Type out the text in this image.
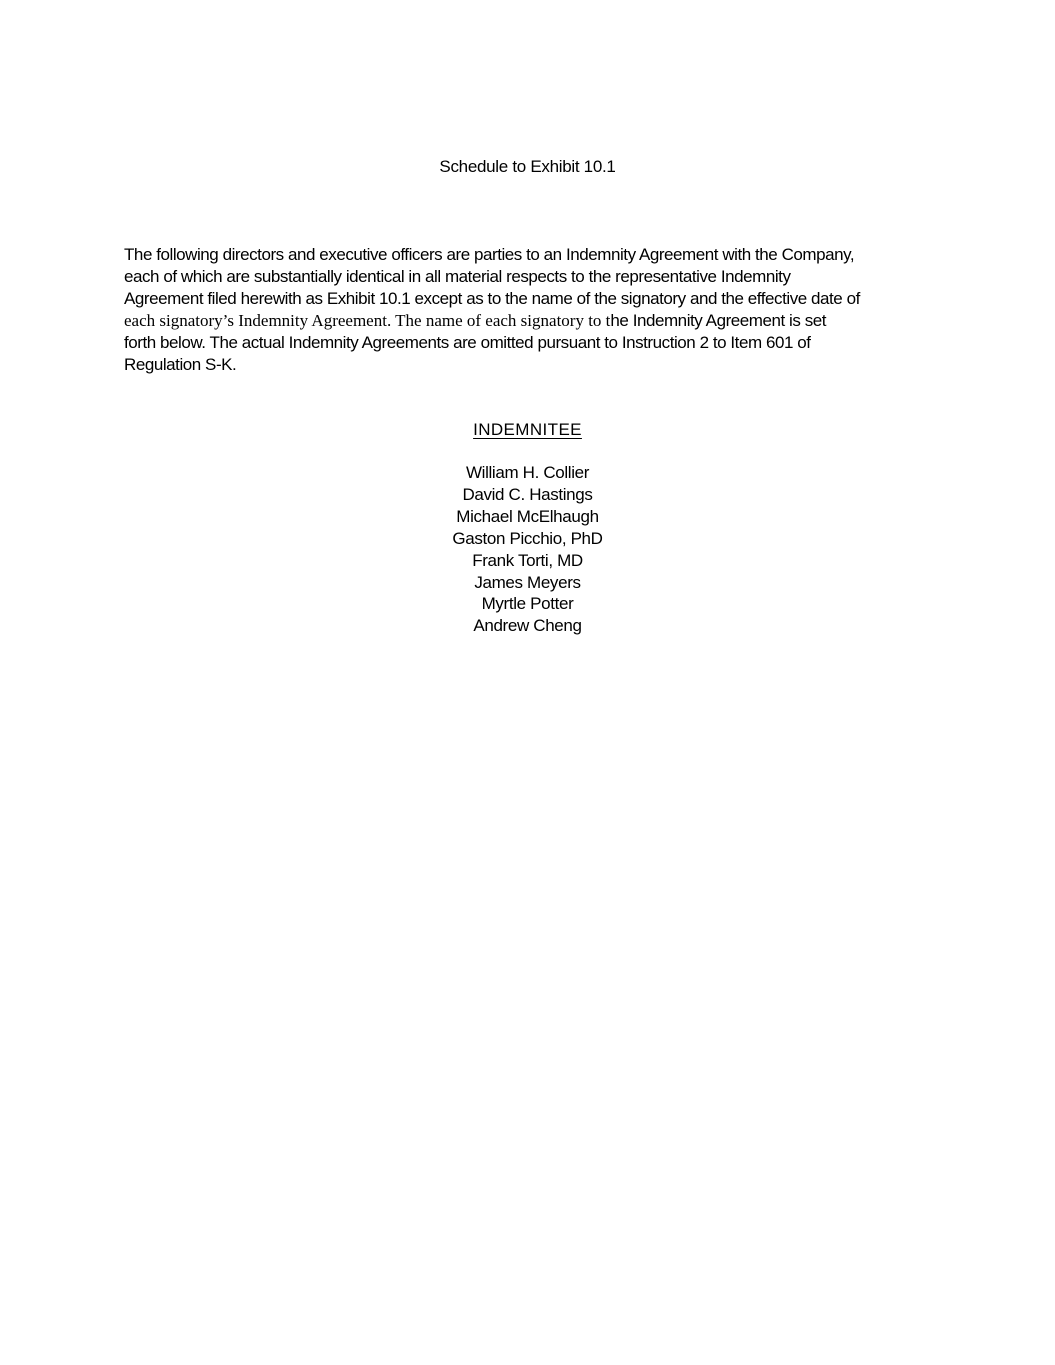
Schedule to Exhibit 10.1
The following directors and executive officers are parties to an Indemnity Agreement with the Company,
each of which are substantially identical in all material respects to the representative Indemnity
Agreement filed herewith as Exhibit 10.1 except as to the name of the signatory and the effective date of
each signatory’s Indemnity Agreement. The name of each signatory to the Indemnity Agreement is set
forth below. The actual Indemnity Agreements are omitted pursuant to Instruction 2 to Item 601 of
Regulation S-K.
INDEMNITEE
William H. Collier
David C. Hastings
Michael McElhaugh
Gaston Picchio, PhD
Frank Torti, MD
James Meyers
Myrtle Potter
Andrew Cheng
